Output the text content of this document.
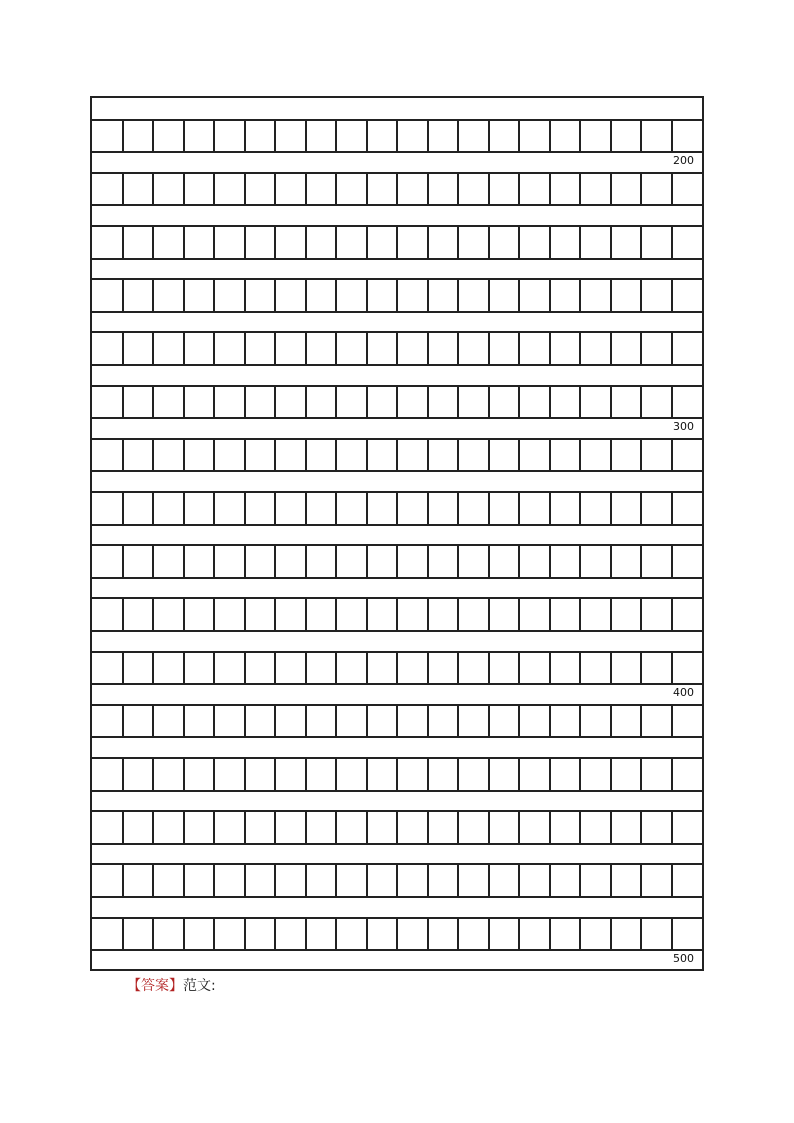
200
300
400
500
【答案】范文:
